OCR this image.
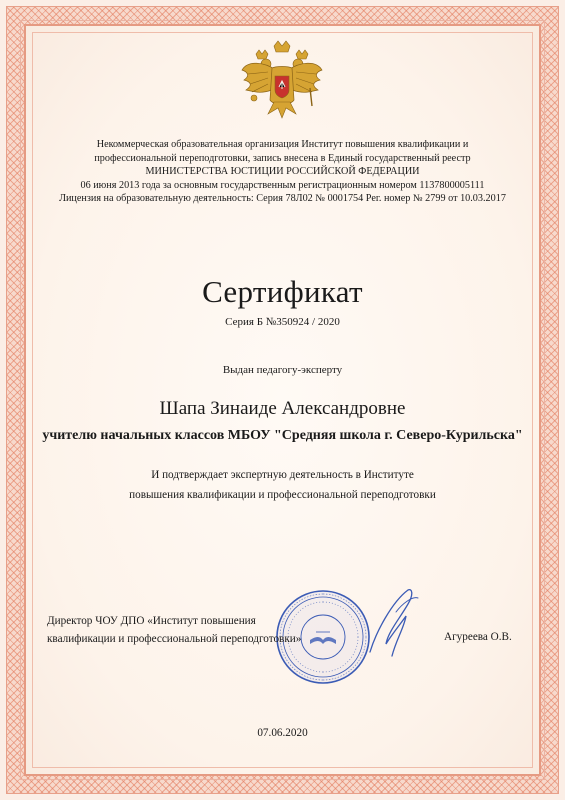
Некоммерческая образовательная организация Институт повышения квалификации и
профессиональной переподготовки, запись внесена в Единый государственный реестр
МИНИСТЕРСТВА ЮСТИЦИИ РОССИЙСКОЙ ФЕДЕРАЦИИ
06 июня 2013 года за основным государственным регистрационным номером 1137800005111
Лицензия на образовательную деятельность: Серия 78Л02 № 0001754 Рег. номер № 2799 от 10.03.2017
Сертификат
Серия Б №350924 / 2020
Выдан педагогу-эксперту
Шапа Зинаиде Александровне
учителю начальных классов МБОУ "Средняя школа г. Северо-Курильска"
И подтверждает экспертную деятельность в Институте
повышения квалификации и профессиональной переподготовки
Директор ЧОУ ДПО «Институт повышения
квалификации и профессиональной переподготовки»	Агуреева О.В.
07.06.2020
